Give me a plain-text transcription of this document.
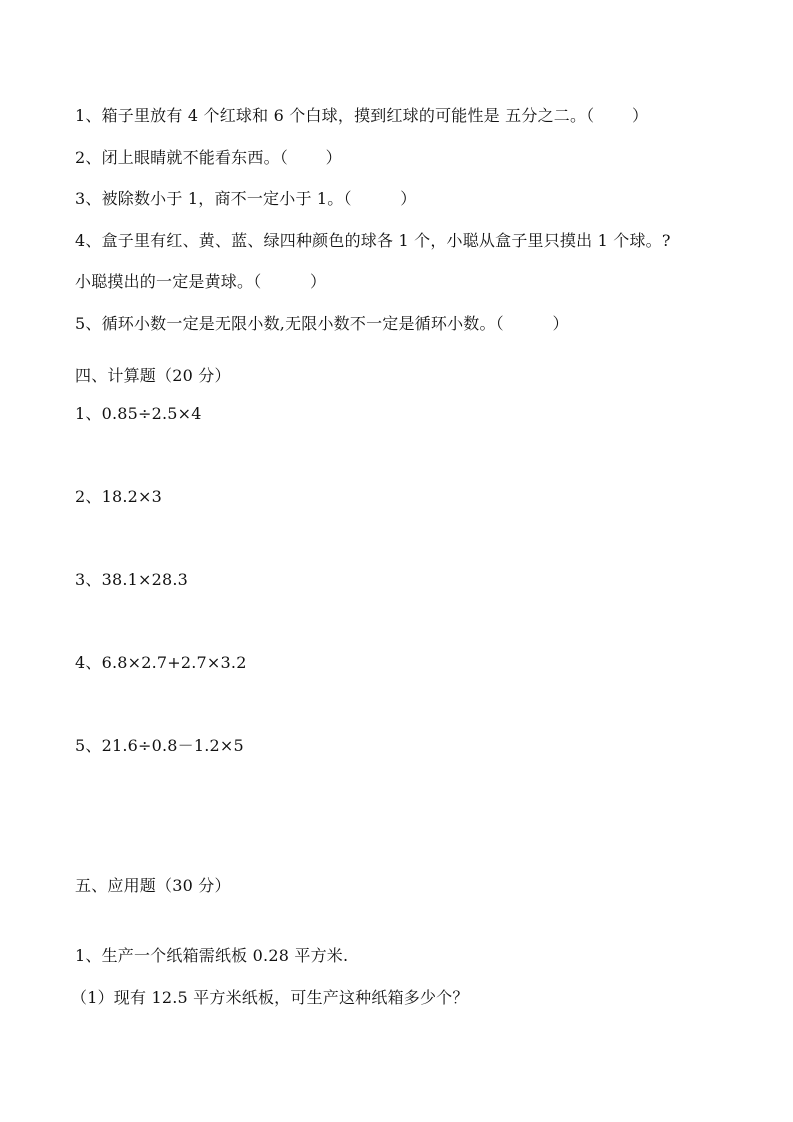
1、箱子里放有 4 个红球和 6 个白球，摸到红球的可能性是 五分之二。（　　 ）
2、闭上眼睛就不能看东西。（　　 ）
3、被除数小于 1，商不一定小于 1。（　　　）
4、盒子里有红、黄、蓝、绿四种颜色的球各 1 个，小聪从盒子里只摸出 1 个球。?
小聪摸出的一定是黄球。（　　　）
5、循环小数一定是无限小数,无限小数不一定是循环小数。（　　　）
四、计算题（20 分）
1、0.85÷2.5×4
2、18.2×3
3、38.1×28.3
4、6.8×2.7+2.7×3.2
5、21.6÷0.8－1.2×5
五、应用题（30 分）
1、生产一个纸箱需纸板 0.28 平方米.
（1）现有 12.5 平方米纸板，可生产这种纸箱多少个？
